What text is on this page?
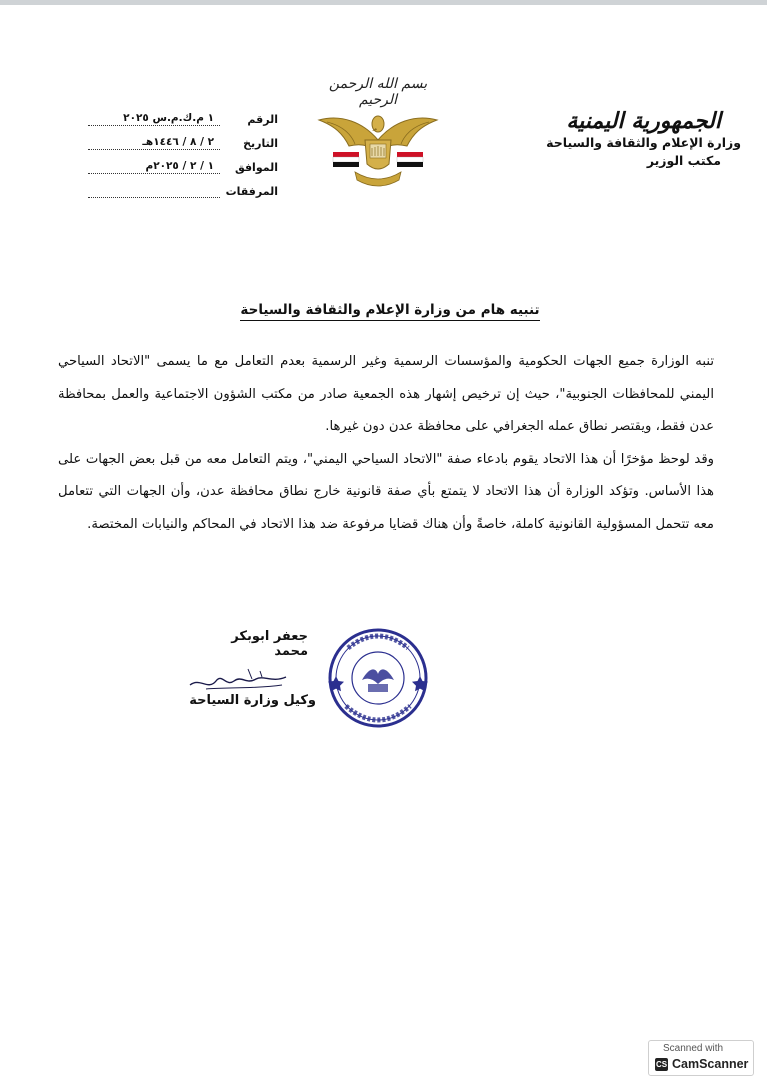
الجمهورية اليمنية
وزارة الإعلام والثقافة والسياحة
مكتب الوزير
بسم الله الرحمن الرحيم
الرقم
١ م.ك.م.س ٢٠٢٥
التاريخ
٢ / ٨ / ١٤٤٦هـ
الموافق
١ / ٢ / ٢٠٢٥م
المرفقات
تنبيه هام من وزارة الإعلام والثقافة والسياحة

تنبه الوزارة جميع الجهات الحكومية والمؤسسات الرسمية وغير الرسمية بعدم التعامل مع ما يسمى "الاتحاد السياحي اليمني للمحافظات الجنوبية"، حيث إن ترخيص إشهار هذه الجمعية صادر من مكتب الشؤون الاجتماعية والعمل بمحافظة عدن فقط، ويقتصر نطاق عمله الجغرافي على محافظة عدن دون غيرها.

وقد لوحظ مؤخرًا أن هذا الاتحاد يقوم بادعاء صفة "الاتحاد السياحي اليمني"، ويتم التعامل معه من قبل بعض الجهات على هذا الأساس. وتؤكد الوزارة أن هذا الاتحاد لا يتمتع بأي صفة قانونية خارج نطاق محافظة عدن، وأن الجهات التي تتعامل معه تتحمل المسؤولية القانونية كاملة، خاصةً وأن هناك قضايا مرفوعة ضد هذا الاتحاد في المحاكم والنيابات المختصة.

جعفر ابوبكر محمد
وكيل وزارة السياحة
Scanned with
CS CamScanner
